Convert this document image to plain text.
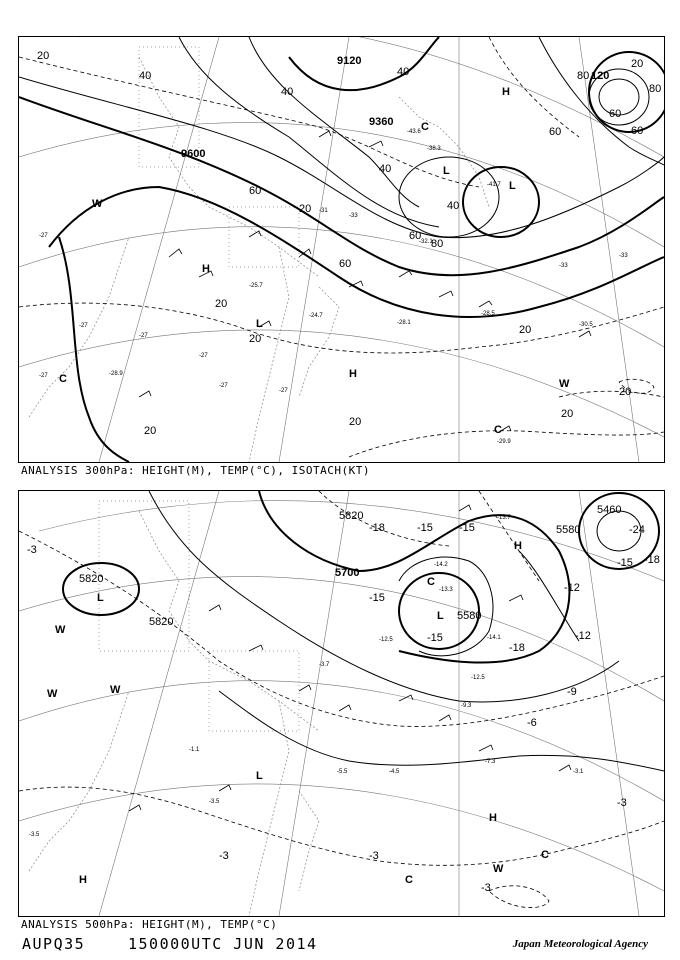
-27
-28.9
-28.1
-28.5
-30.5
-29.9
-32.1
-41.7
-43.6
-38.3
-27
-27
-27
-27
-27
-27
-25.7
-24.7
-31
-33
-33
-33
9600
9120
9360
20
40
60
80
120
20
20
20
20
20
20
20
20
40
40
40
40
60
60
60
60
20
80
80
60
H
H
H
L
L
L
C
C
C
W
W
ANALYSIS 300hPa: HEIGHT(M), TEMP(°C), ISOTACH(KT)
-13.7
-14.1
-12.5
-9.3
-7.3
-5.5	-4.5
-3.5
-3.1
-14.2
-13.3
-12.5
-3.7
-1.1
-3.5
5820	5700
5580
5460
5820
5820
5580
-3
-6
-9
-12
-15
-18
-24
-3	-3
-3
-3
-12
-18
-15 -18
-15
-15
-15
H
H
H
L
L
L
C
C
C
W
W	W
W
ANALYSIS 500hPa: HEIGHT(M), TEMP(°C)
AUPQ35	150000UTC JUN 2014	Japan Meteorological Agency
